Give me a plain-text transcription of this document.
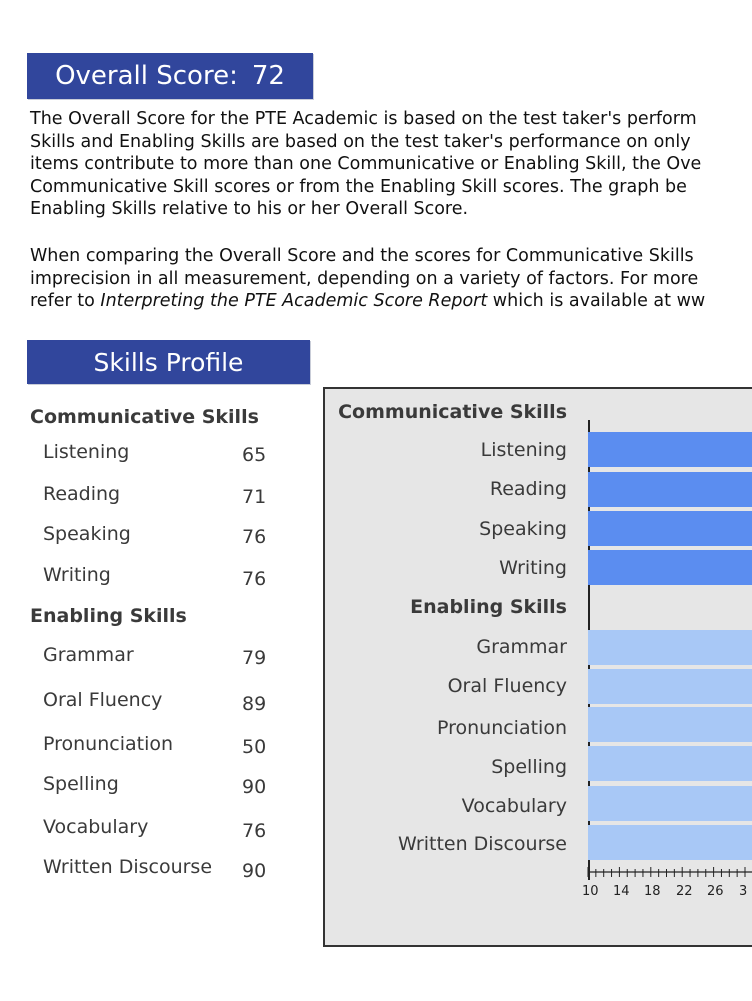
Overall Score: 72
The Overall Score for the PTE Academic is based on the test taker's perform
Skills and Enabling Skills are based on the test taker's performance on only
items contribute to more than one Communicative or Enabling Skill, the Ove
Communicative Skill scores or from the Enabling Skill scores. The graph be
Enabling Skills relative to his or her Overall Score.
When comparing the Overall Score and the scores for Communicative Skills
imprecision in all measurement, depending on a variety of factors. For more
refer to Interpreting the PTE Academic Score Report which is available at ww
Skills Profile
Communicative Skills
Listening	65
Reading	71
Speaking	76
Writing	76
Enabling Skills
Grammar	79
Oral Fluency	89
Pronunciation	50
Spelling	90
Vocabulary	76
Written Discourse 90
Communicative Skills
Listening
Reading
Speaking
Writing
Enabling Skills
Grammar
Oral Fluency
Pronunciation
Spelling
Vocabulary
Written Discourse
10 14 18 22 26 3
